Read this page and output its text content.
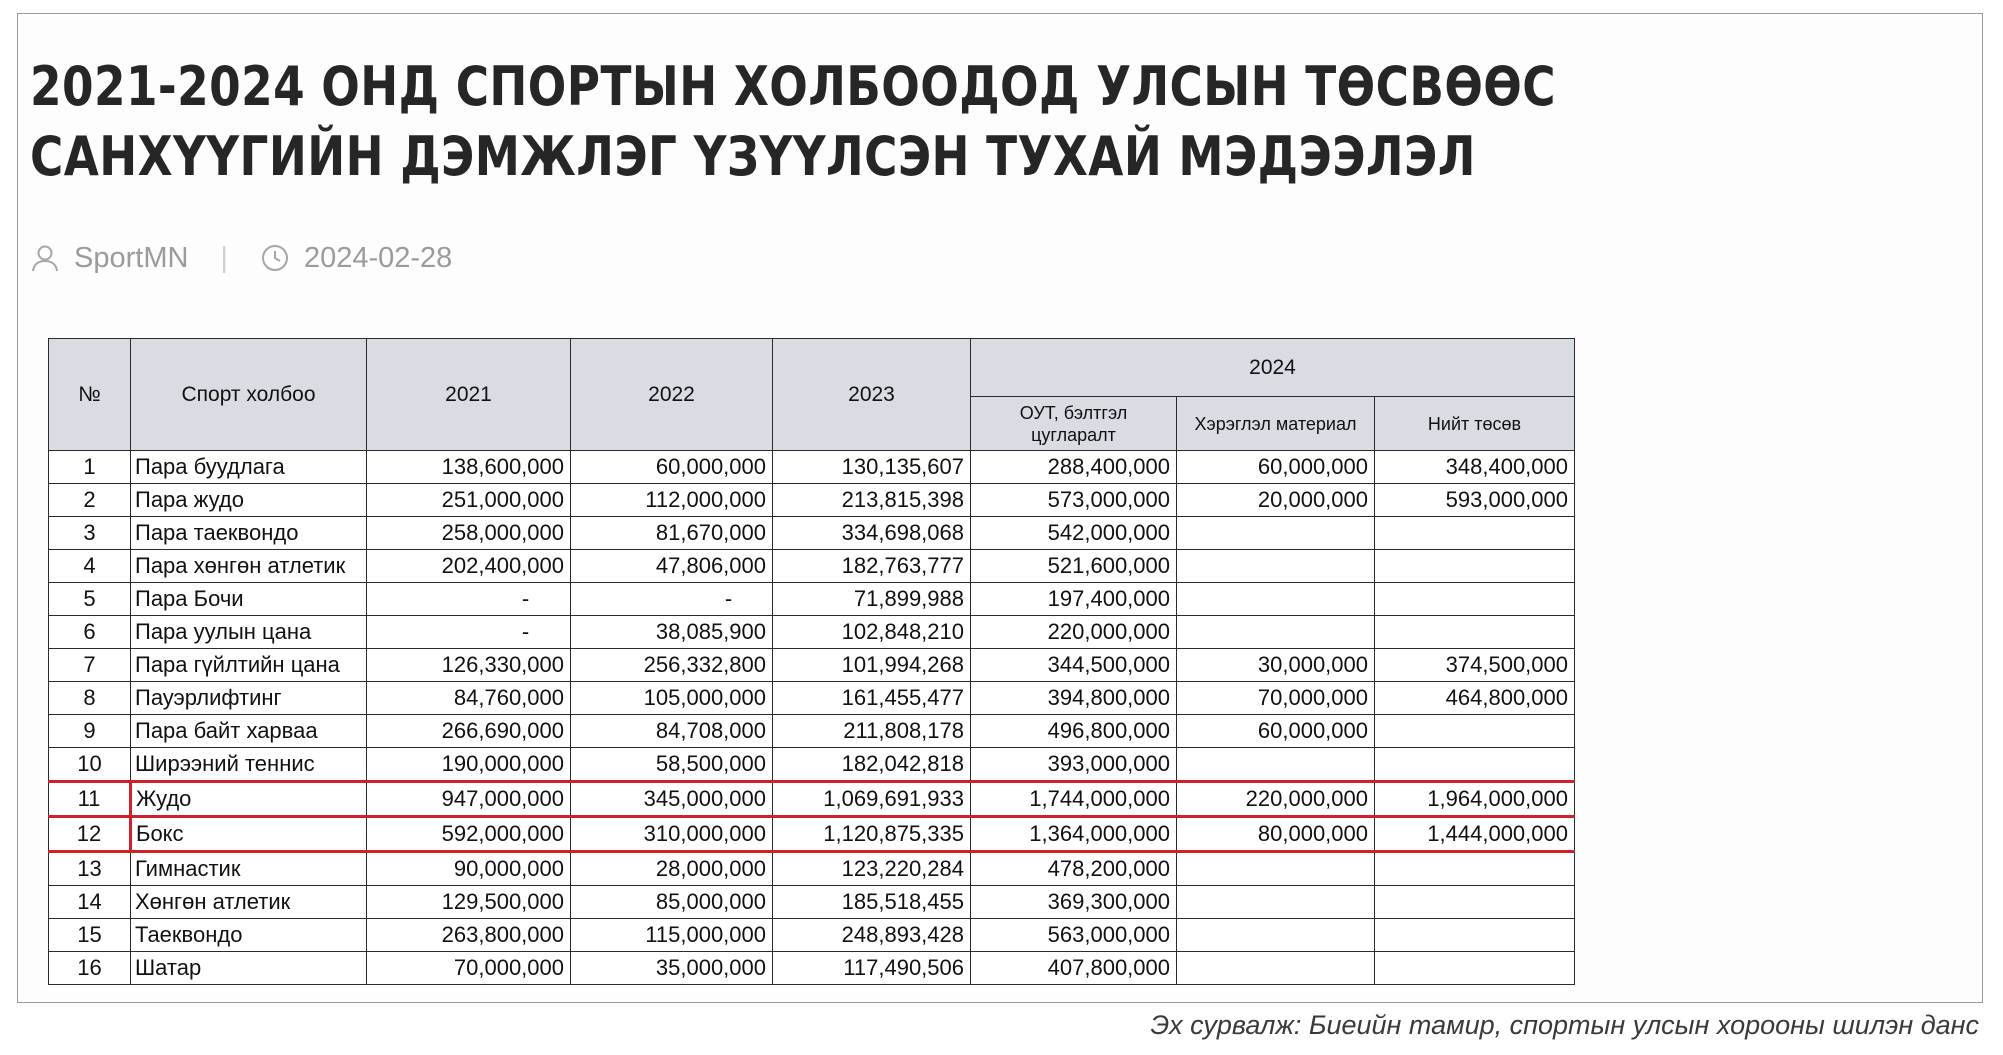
2021-2024 ОНД СПОРТЫН ХОЛБООДОД УЛСЫН ТӨСВӨӨС САНХҮҮГИЙН ДЭМЖЛЭГ ҮЗҮҮЛСЭН ТУХАЙ МЭДЭЭЛЭЛ
SportMN |	2024-02-28
№	Спорт холбоо	2021	2022	2023	2024		
					ОУТ, бэлтгэл цугларалт	Хэрэглэл материал	Нийт төсөв
1	Пара буудлага	138,600,000	60,000,000	130,135,607	288,400,000	60,000,000	348,400,000
2	Пара жудо	251,000,000	112,000,000	213,815,398	573,000,000	20,000,000	593,000,000
3	Пара таеквондо	258,000,000	81,670,000	334,698,068	542,000,000		
4	Пара хөнгөн атлетик	202,400,000	47,806,000	182,763,777	521,600,000		
5	Пара Бочи	-	-	71,899,988	197,400,000		
6	Пара уулын цана	-	38,085,900	102,848,210	220,000,000		
7	Пара гүйлтийн цана	126,330,000	256,332,800	101,994,268	344,500,000	30,000,000	374,500,000
8	Пауэрлифтинг	84,760,000	105,000,000	161,455,477	394,800,000	70,000,000	464,800,000
9	Пара байт харваа	266,690,000	84,708,000	211,808,178	496,800,000	60,000,000	
10	Ширээний теннис	190,000,000	58,500,000	182,042,818	393,000,000		
11	Жудо	947,000,000	345,000,000	1,069,691,933	1,744,000,000	220,000,000	1,964,000,000
12	Бокс	592,000,000	310,000,000	1,120,875,335	1,364,000,000	80,000,000	1,444,000,000
13	Гимнастик	90,000,000	28,000,000	123,220,284	478,200,000		
14	Хөнгөн атлетик	129,500,000	85,000,000	185,518,455	369,300,000		
15	Таеквондо	263,800,000	115,000,000	248,893,428	563,000,000		
16	Шатар	70,000,000	35,000,000	117,490,506	407,800,000		
Эх сурвалж: Биеийн тамир, спортын улсын хорооны шилэн данс
